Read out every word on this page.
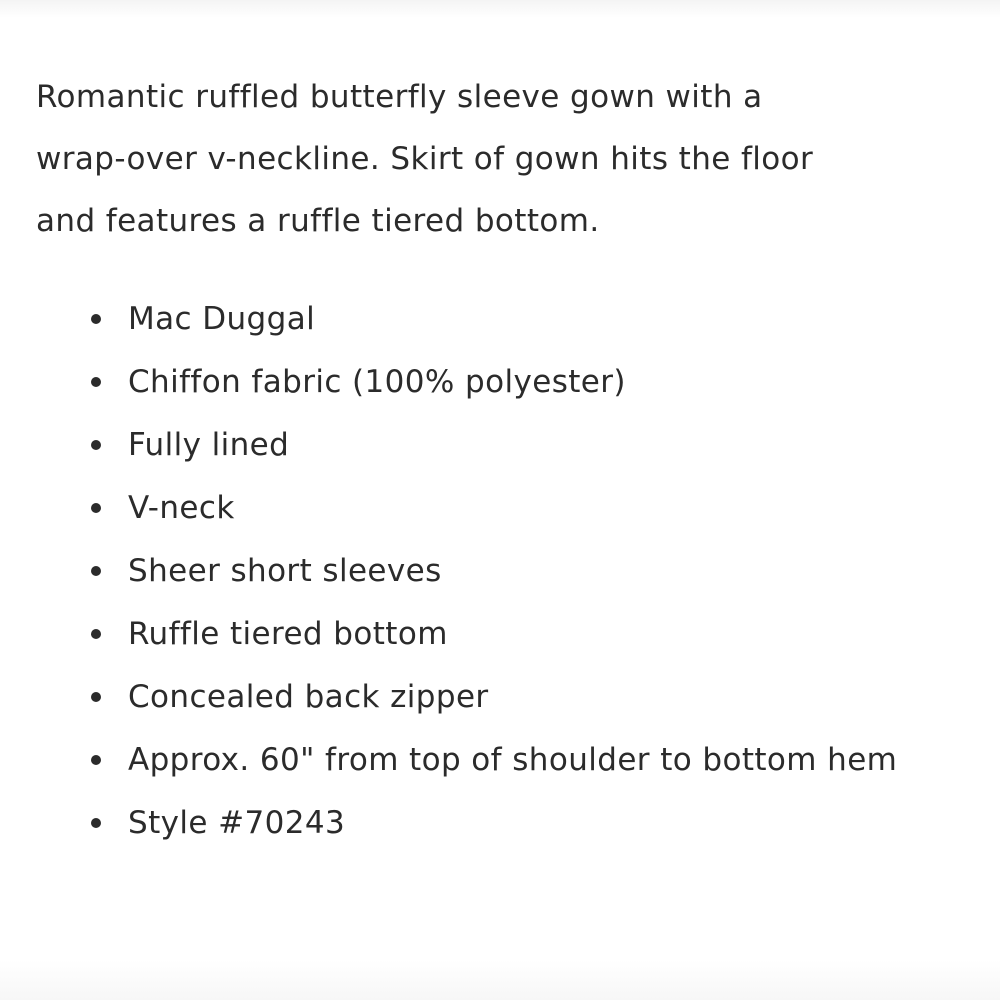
Romantic ruffled butterfly sleeve gown with a
wrap-over v-neckline. Skirt of gown hits the floor
and features a ruffle tiered bottom.

Mac Duggal
Chiffon fabric (100% polyester)
Fully lined
V-neck
Sheer short sleeves
Ruffle tiered bottom
Concealed back zipper
Approx. 60" from top of shoulder to bottom hem
Style #70243
